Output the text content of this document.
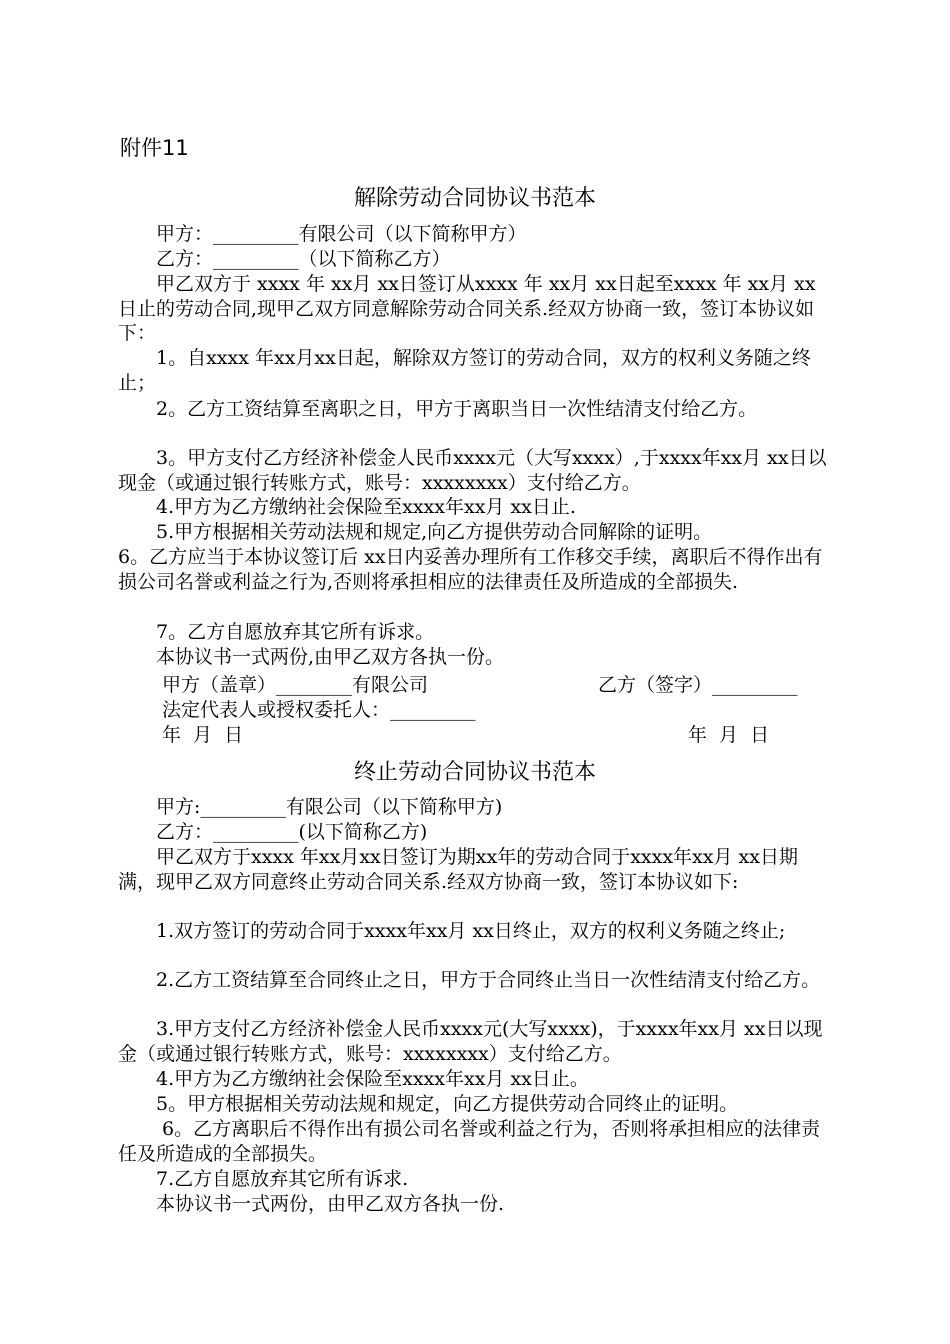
附件11
解除劳动合同协议书范本
　　甲方：_________有限公司（以下简称甲方）
　　乙方：_________（以下简称乙方）
　　甲乙双方于 xxxx 年 xx月 xx日签订从xxxx 年 xx月 xx日起至xxxx 年 xx月 xx日止的劳动合同,现甲乙双方同意解除劳动合同关系.经双方协商一致，签订本协议如下：
　　1。自xxxx 年xx月xx日起，解除双方签订的劳动合同，双方的权利义务随之终止；
　　2。乙方工资结算至离职之日，甲方于离职当日一次性结清支付给乙方。
　　3。甲方支付乙方经济补偿金人民币xxxx元（大写xxxx）,于xxxx年xx月 xx日以现金（或通过银行转账方式，账号：xxxxxxxx）支付给乙方。
　　4.甲方为乙方缴纳社会保险至xxxx年xx月 xx日止.
　　5.甲方根据相关劳动法规和规定,向乙方提供劳动合同解除的证明。
6。乙方应当于本协议签订后 xx日内妥善办理所有工作移交手续，离职后不得作出有损公司名誉或利益之行为,否则将承担相应的法律责任及所造成的全部损失.
　　7。乙方自愿放弃其它所有诉求。
　　本协议书一式两份,由甲乙双方各执一份。
甲方（盖章）________有限公司	乙方（签字）_________
法定代表人或授权委托人：_________
年 月 日	年 月 日
终止劳动合同协议书范本
　　甲方:_________有限公司（以下简称甲方)
　　乙方：_________(以下简称乙方)
　　甲乙双方于xxxx 年xx月xx日签订为期xx年的劳动合同于xxxx年xx月 xx日期满，现甲乙双方同意终止劳动合同关系.经双方协商一致，签订本协议如下:
　　1.双方签订的劳动合同于xxxx年xx月 xx日终止，双方的权利义务随之终止;
　　2.乙方工资结算至合同终止之日，甲方于合同终止当日一次性结清支付给乙方。
　　3.甲方支付乙方经济补偿金人民币xxxx元(大写xxxx)，于xxxx年xx月 xx日以现金（或通过银行转账方式，账号：xxxxxxxx）支付给乙方。
　　4.甲方为乙方缴纳社会保险至xxxx年xx月 xx日止。
　　5。甲方根据相关劳动法规和规定，向乙方提供劳动合同终止的证明。
　　 6。乙方离职后不得作出有损公司名誉或利益之行为，否则将承担相应的法律责任及所造成的全部损失。
　　7.乙方自愿放弃其它所有诉求.
　　本协议书一式两份，由甲乙双方各执一份.
